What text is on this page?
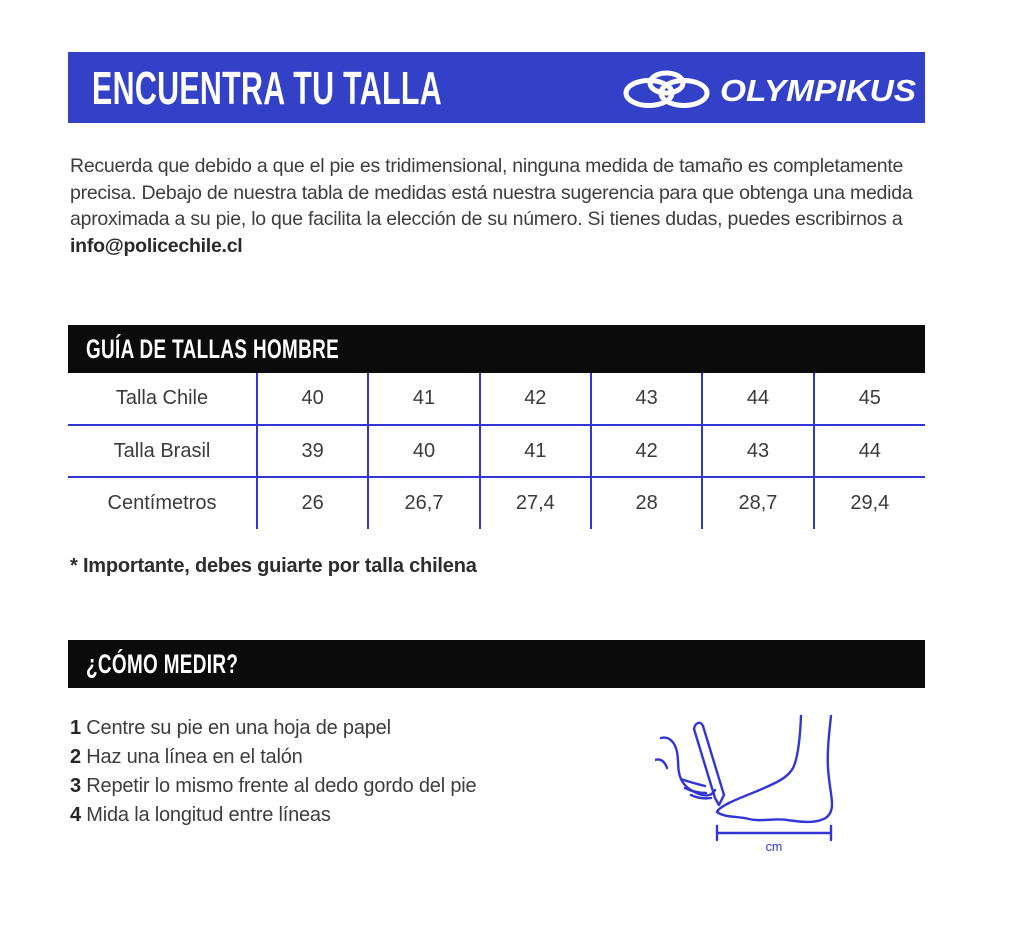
ENCUENTRA TU TALLA	OLYMPIKUS

Recuerda que debido a que el pie es tridimensional, ninguna medida de tamaño es completamente precisa. Debajo de nuestra tabla de medidas está nuestra sugerencia para que obtenga una medida aproximada a su pie, lo que facilita la elección de su número. Si tienes dudas, puedes escribirnos a info@policechile.cl

GUÍA DE TALLAS HOMBRE
Talla Chile	40	41	42	43	44	45
Talla Brasil	39	40	41	42	43	44
Centímetros	26	26,7	27,4	28	28,7	29,4

* Importante, debes guiarte por talla chilena

¿CÓMO MEDIR?
1 Centre su pie en una hoja de papel
2 Haz una línea en el talón
3 Repetir lo mismo frente al dedo gordo del pie
4 Mida la longitud entre líneas
cm
